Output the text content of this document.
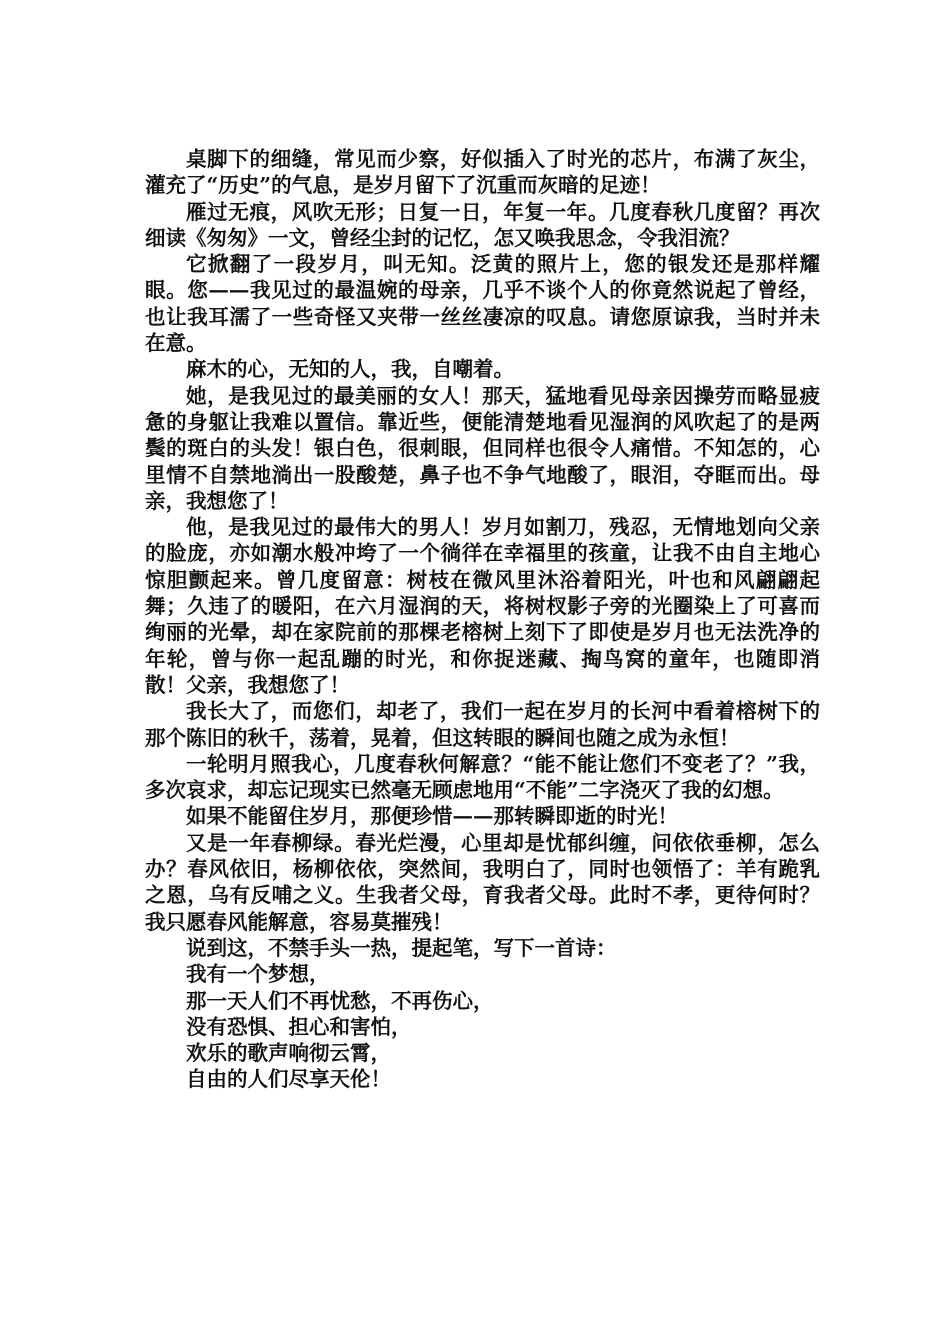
桌脚下的细缝，常见而少察，好似插入了时光的芯片，布满了灰尘，灌充了“历史”的气息，是岁月留下了沉重而灰暗的足迹！

雁过无痕，风吹无形；日复一日，年复一年。几度春秋几度留？再次细读《匆匆》一文，曾经尘封的记忆，怎又唤我思念，令我泪流？

它掀翻了一段岁月，叫无知。泛黄的照片上，您的银发还是那样耀眼。您——我见过的最温婉的母亲，几乎不谈个人的你竟然说起了曾经，也让我耳濡了一些奇怪又夹带一丝丝凄凉的叹息。请您原谅我，当时并未在意。

麻木的心，无知的人，我，自嘲着。

她，是我见过的最美丽的女人！那天，猛地看见母亲因操劳而略显疲惫的身躯让我难以置信。靠近些，便能清楚地看见湿润的风吹起了的是两鬓的斑白的头发！银白色，很刺眼，但同样也很令人痛惜。不知怎的，心里情不自禁地淌出一股酸楚，鼻子也不争气地酸了，眼泪，夺眶而出。母亲，我想您了！

他，是我见过的最伟大的男人！岁月如割刀，残忍，无情地划向父亲的脸庞，亦如潮水般冲垮了一个徜徉在幸福里的孩童，让我不由自主地心惊胆颤起来。曾几度留意：树枝在微风里沐浴着阳光，叶也和风翩翩起舞；久违了的暖阳，在六月湿润的天，将树杈影子旁的光圈染上了可喜而绚丽的光晕，却在家院前的那棵老榕树上刻下了即使是岁月也无法洗净的年轮，曾与你一起乱蹦的时光，和你捉迷藏、掏鸟窝的童年，也随即消散！父亲，我想您了！

我长大了，而您们，却老了，我们一起在岁月的长河中看着榕树下的那个陈旧的秋千，荡着，晃着，但这转眼的瞬间也随之成为永恒！

一轮明月照我心，几度春秋何解意？“能不能让您们不变老了？”我，多次哀求，却忘记现实已然毫无顾虑地用“不能”二字浇灭了我的幻想。

如果不能留住岁月，那便珍惜——那转瞬即逝的时光！

又是一年春柳绿。春光烂漫，心里却是忧郁纠缠，问依依垂柳，怎么办？春风依旧，杨柳依依，突然间，我明白了，同时也领悟了：羊有跪乳之恩，乌有反哺之义。生我者父母，育我者父母。此时不孝，更待何时？我只愿春风能解意，容易莫摧残！

说到这，不禁手头一热，提起笔，写下一首诗：

我有一个梦想，

那一天人们不再忧愁，不再伤心，

没有恐惧、担心和害怕，

欢乐的歌声响彻云霄，

自由的人们尽享天伦！
